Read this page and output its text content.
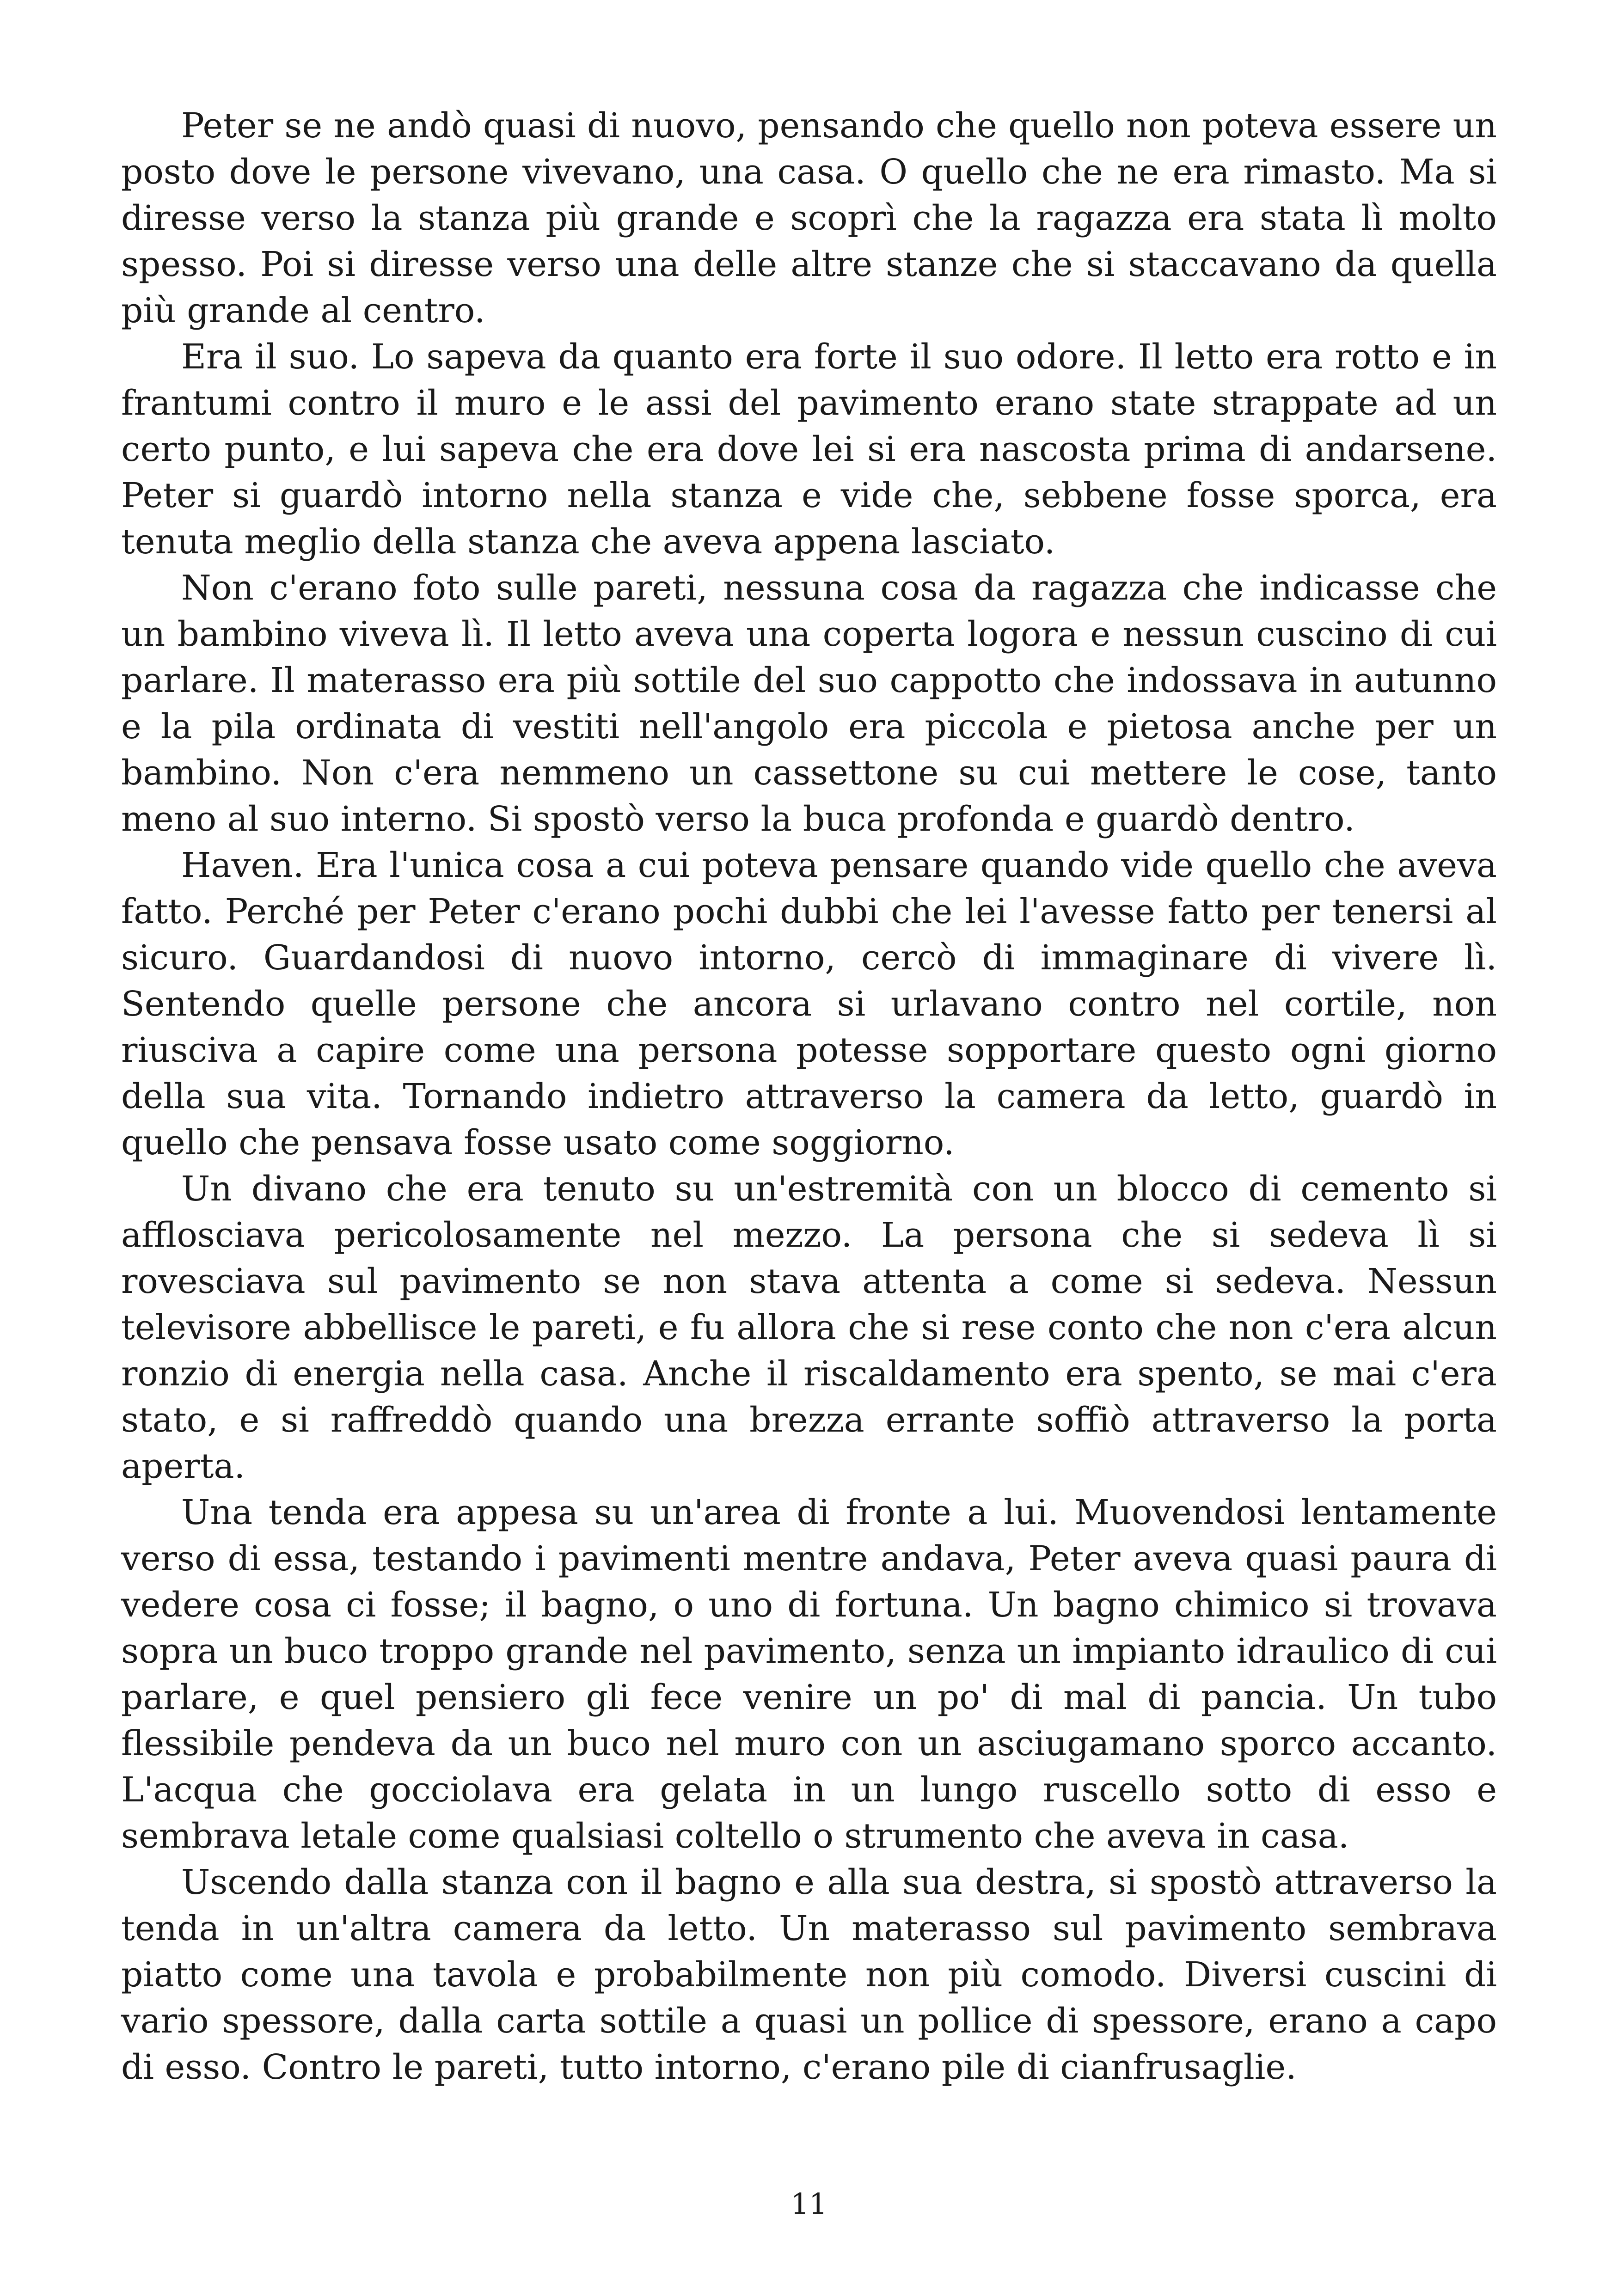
Peter se ne andò quasi di nuovo, pensando che quello non poteva essere un posto dove le persone vivevano, una casa. O quello che ne era rimasto. Ma si diresse verso la stanza più grande e scoprì che la ragazza era stata lì molto spesso. Poi si diresse verso una delle altre stanze che si staccavano da quella più grande al centro.

Era il suo. Lo sapeva da quanto era forte il suo odore. Il letto era rotto e in frantumi contro il muro e le assi del pavimento erano state strappate ad un certo punto, e lui sapeva che era dove lei si era nascosta prima di andarsene. Peter si guardò intorno nella stanza e vide che, sebbene fosse sporca, era tenuta meglio della stanza che aveva appena lasciato.

Non c'erano foto sulle pareti, nessuna cosa da ragazza che indicasse che un bambino viveva lì. Il letto aveva una coperta logora e nessun cuscino di cui parlare. Il materasso era più sottile del suo cappotto che indossava in autunno e la pila ordinata di vestiti nell'angolo era piccola e pietosa anche per un bambino. Non c'era nemmeno un cassettone su cui mettere le cose, tanto meno al suo interno. Si spostò verso la buca profonda e guardò dentro.

Haven. Era l'unica cosa a cui poteva pensare quando vide quello che aveva fatto. Perché per Peter c'erano pochi dubbi che lei l'avesse fatto per tenersi al sicuro. Guardandosi di nuovo intorno, cercò di immaginare di vivere lì. Sentendo quelle persone che ancora si urlavano contro nel cortile, non riusciva a capire come una persona potesse sopportare questo ogni giorno della sua vita. Tornando indietro attraverso la camera da letto, guardò in quello che pensava fosse usato come soggiorno.

Un divano che era tenuto su un'estremità con un blocco di cemento si afflosciava pericolosamente nel mezzo. La persona che si sedeva lì si rovesciava sul pavimento se non stava attenta a come si sedeva. Nessun televisore abbellisce le pareti, e fu allora che si rese conto che non c'era alcun ronzio di energia nella casa. Anche il riscaldamento era spento, se mai c'era stato, e si raffreddò quando una brezza errante soffiò attraverso la porta aperta.

Una tenda era appesa su un'area di fronte a lui. Muovendosi lentamente verso di essa, testando i pavimenti mentre andava, Peter aveva quasi paura di vedere cosa ci fosse; il bagno, o uno di fortuna. Un bagno chimico si trovava sopra un buco troppo grande nel pavimento, senza un impianto idraulico di cui parlare, e quel pensiero gli fece venire un po' di mal di pancia. Un tubo flessibile pendeva da un buco nel muro con un asciugamano sporco accanto. L'acqua che gocciolava era gelata in un lungo ruscello sotto di esso e sembrava letale come qualsiasi coltello o strumento che aveva in casa.

Uscendo dalla stanza con il bagno e alla sua destra, si spostò attraverso la tenda in un'altra camera da letto. Un materasso sul pavimento sembrava piatto come una tavola e probabilmente non più comodo. Diversi cuscini di vario spessore, dalla carta sottile a quasi un pollice di spessore, erano a capo di esso. Contro le pareti, tutto intorno, c'erano pile di cianfrusaglie.

11
